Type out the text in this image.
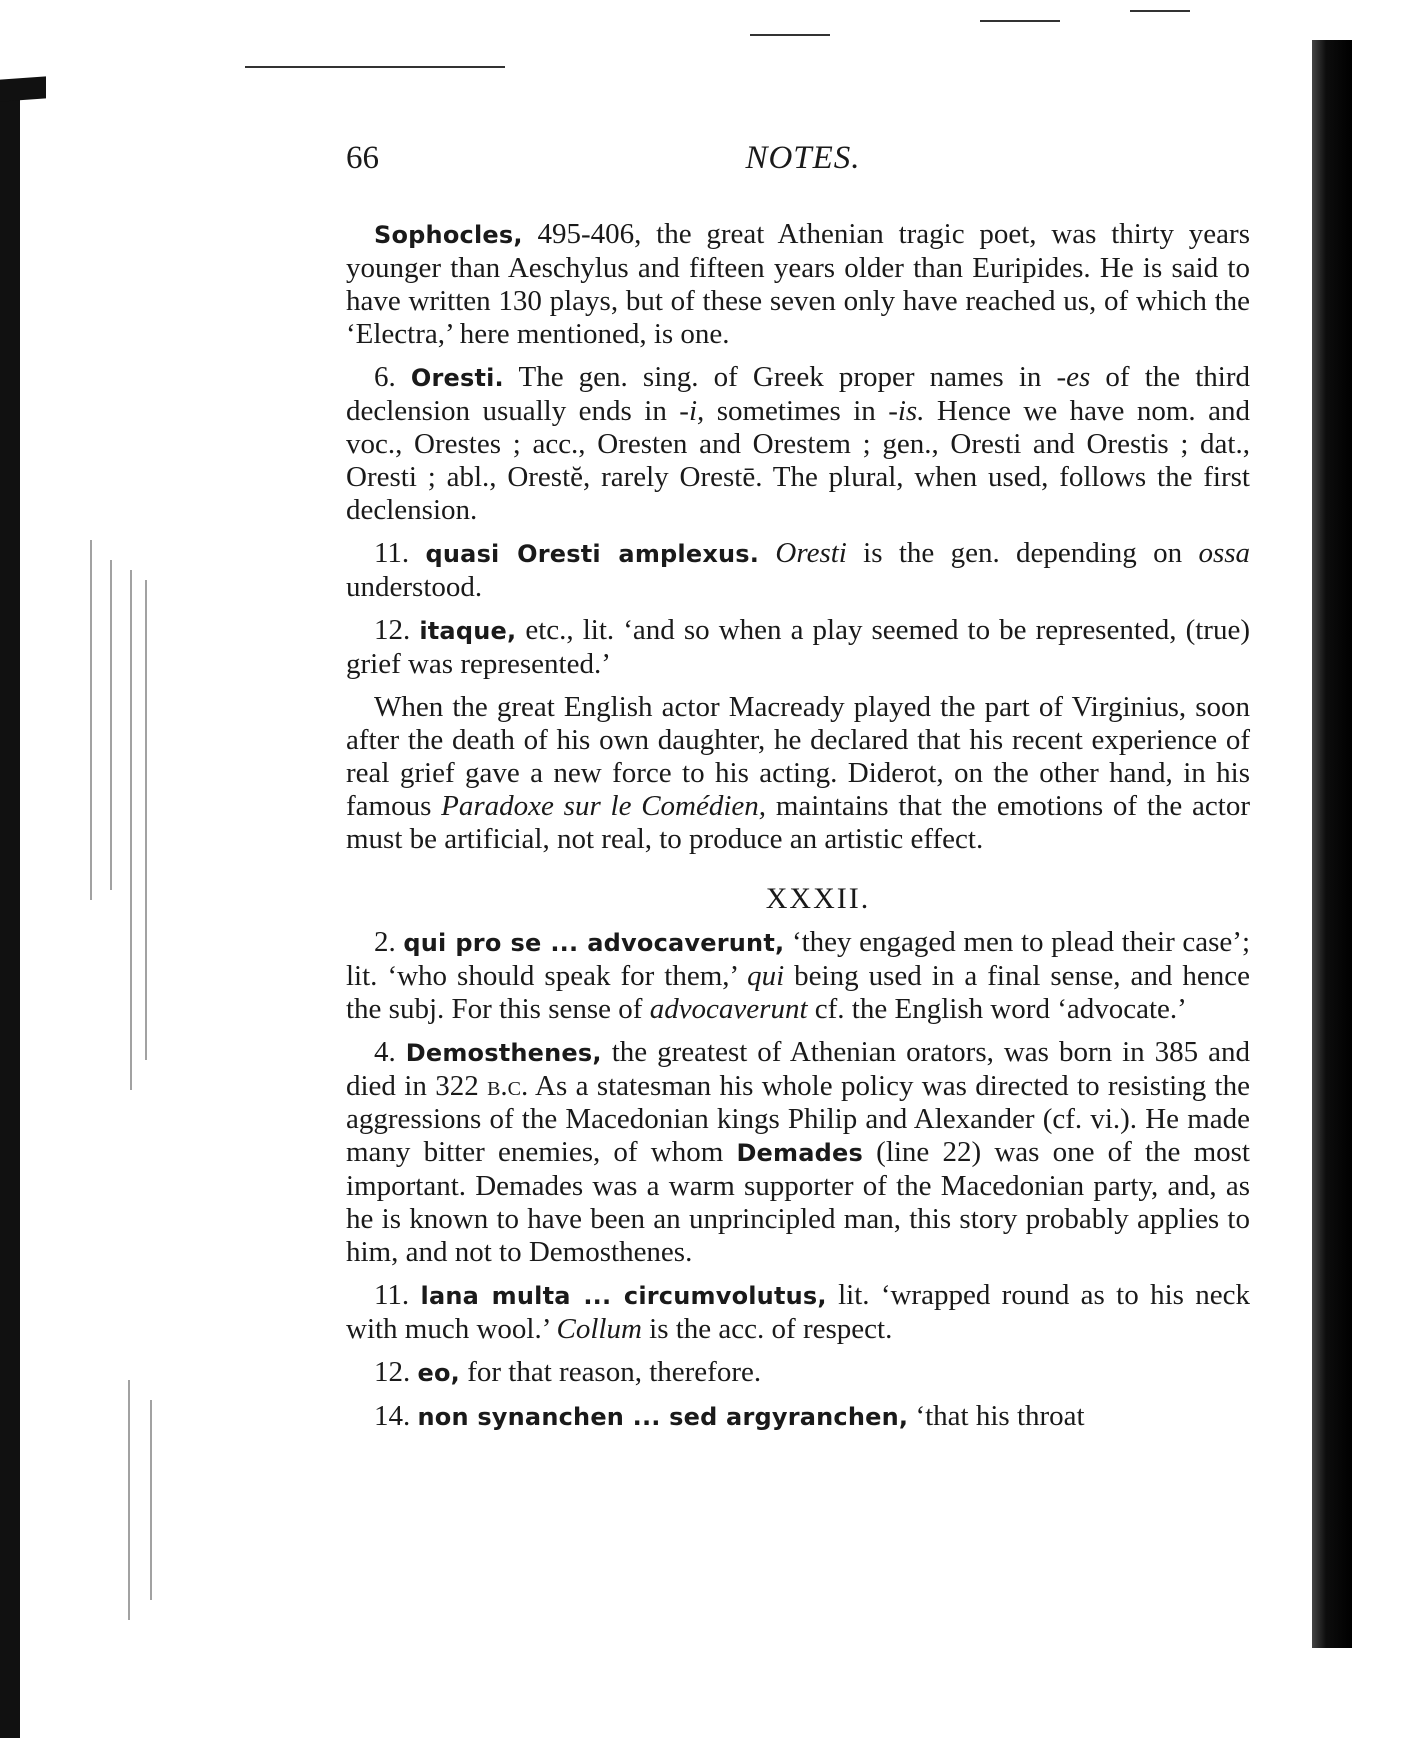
66	NOTES.

Sophocles, 495-406, the great Athenian tragic poet, was thirty years younger than Aeschylus and fifteen years older than Euripides. He is said to have written 130 plays, but of these seven only have reached us, of which the ‘Electra,’ here mentioned, is one.

6. Oresti. The gen. sing. of Greek proper names in -es of the third declension usually ends in -i, sometimes in -is. Hence we have nom. and voc., Orestes ; acc., Oresten and Orestem ; gen., Oresti and Orestis ; dat., Oresti ; abl., Orestĕ, rarely Orestē. The plural, when used, follows the first declension.

11. quasi Oresti amplexus. Oresti is the gen. depending on ossa understood.

12. itaque, etc., lit. ‘and so when a play seemed to be represented, (true) grief was represented.’

When the great English actor Macready played the part of Virginius, soon after the death of his own daughter, he declared that his recent experience of real grief gave a new force to his acting. Diderot, on the other hand, in his famous Paradoxe sur le Comédien, maintains that the emotions of the actor must be artificial, not real, to produce an artistic effect.

XXXII.

2. qui pro se ... advocaverunt, ‘they engaged men to plead their case’; lit. ‘who should speak for them,’ qui being used in a final sense, and hence the subj. For this sense of advocaverunt cf. the English word ‘advocate.’

4. Demosthenes, the greatest of Athenian orators, was born in 385 and died in 322 b.c. As a statesman his whole policy was directed to resisting the aggressions of the Macedonian kings Philip and Alexander (cf. vi.). He made many bitter enemies, of whom Demades (line 22) was one of the most important. Demades was a warm supporter of the Macedonian party, and, as he is known to have been an unprincipled man, this story probably applies to him, and not to Demosthenes.

11. lana multa ... circumvolutus, lit. ‘wrapped round as to his neck with much wool.’ Collum is the acc. of respect.

12. eo, for that reason, therefore.

14. non synanchen ... sed argyranchen, ‘that his throat
